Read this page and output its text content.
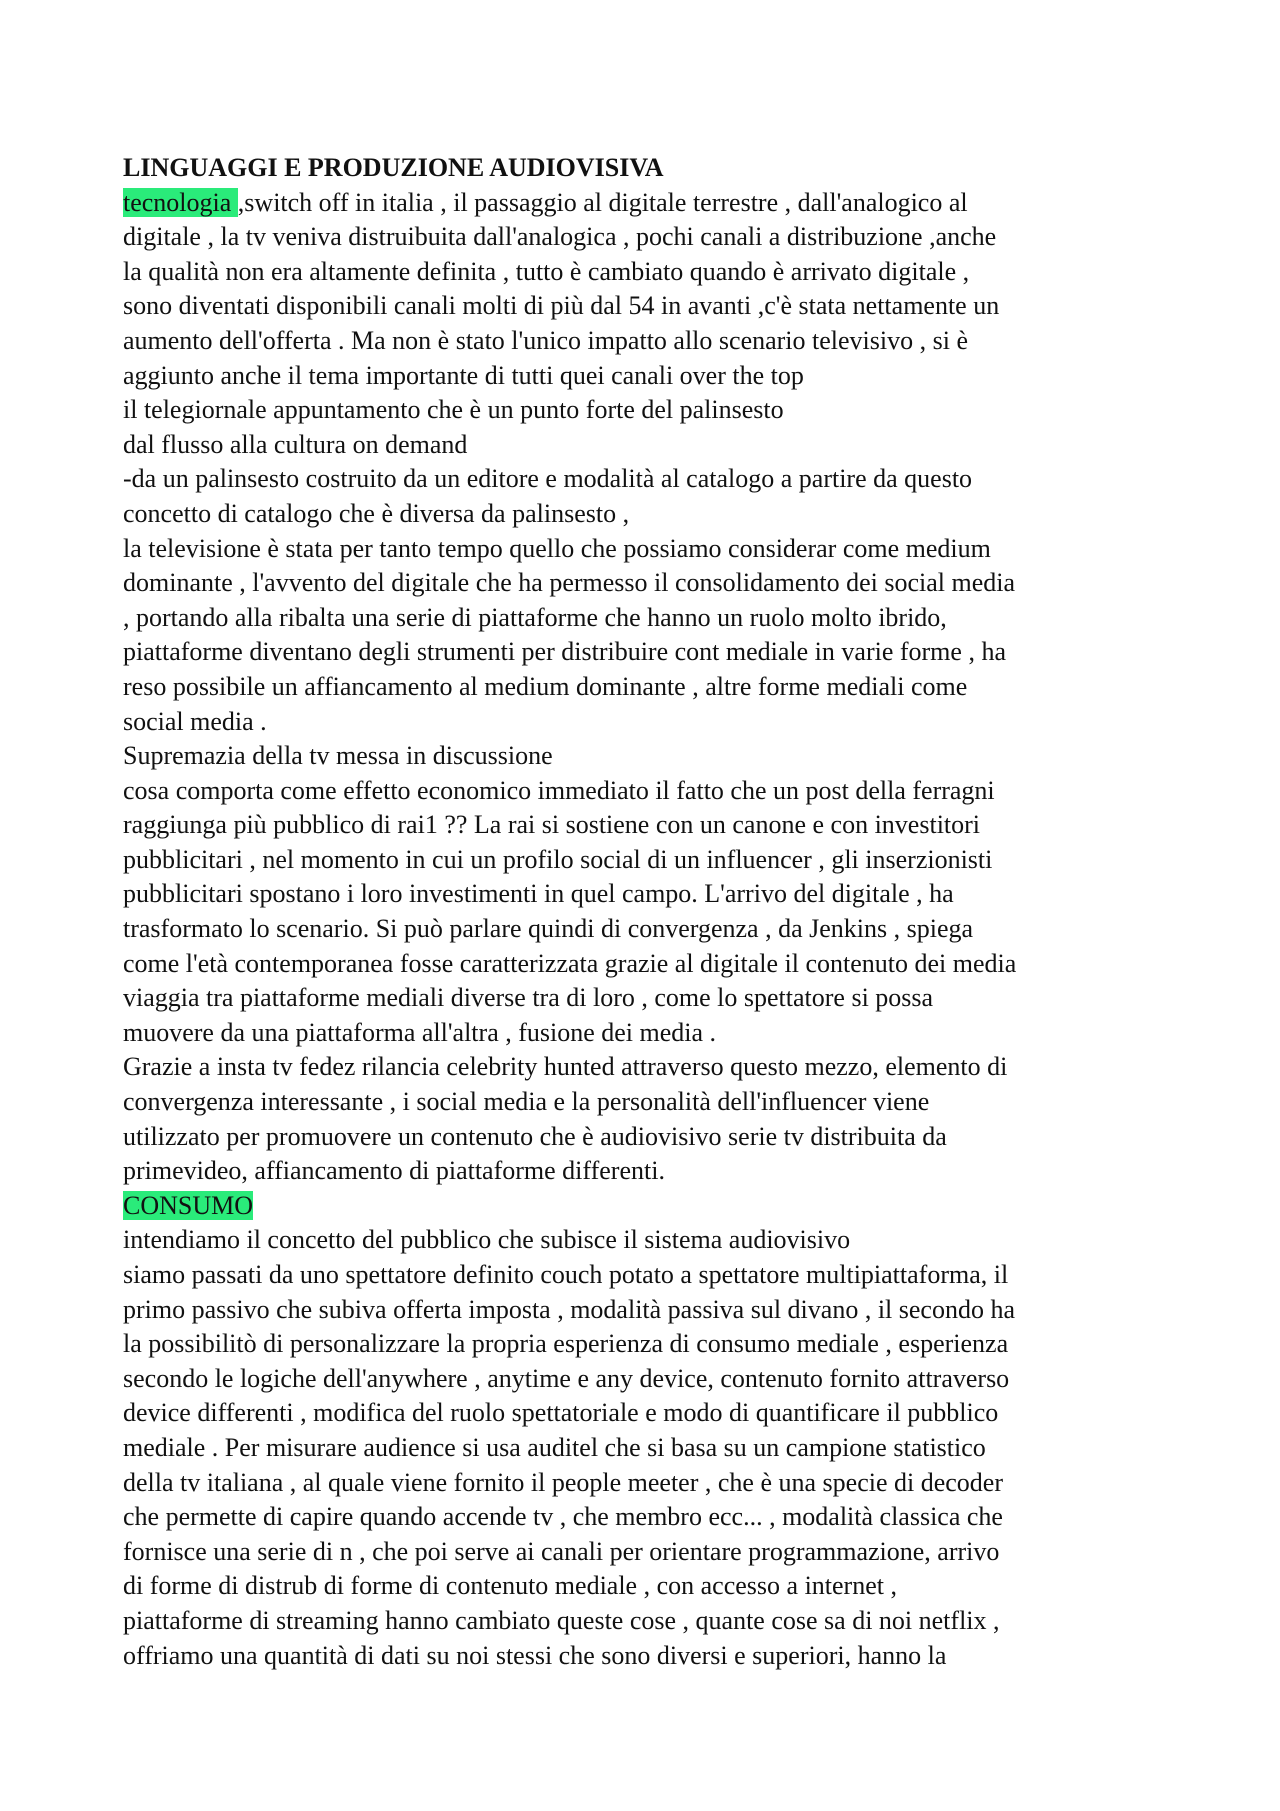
LINGUAGGI E PRODUZIONE AUDIOVISIVA

tecnologia ,switch off in italia , il passaggio al digitale terrestre , dall'analogico al

digitale , la tv veniva distruibuita dall'analogica , pochi canali a distribuzione ,anche

la qualità non era altamente definita , tutto è cambiato quando è arrivato digitale ,

sono diventati disponibili canali molti di più dal 54 in avanti ,c'è stata nettamente un

aumento dell'offerta . Ma non è stato l'unico impatto allo scenario televisivo , si è

aggiunto anche il tema importante di tutti quei canali over the top

il telegiornale appuntamento che è un punto forte del palinsesto

dal flusso alla cultura on demand

-da un palinsesto costruito da un editore e modalità al catalogo a partire da questo

concetto di catalogo che è diversa da palinsesto ,

la televisione è stata per tanto tempo quello che possiamo considerar come medium

dominante , l'avvento del digitale che ha permesso il consolidamento dei social media

, portando alla ribalta una serie di piattaforme che hanno un ruolo molto ibrido,

piattaforme diventano degli strumenti per distribuire cont mediale in varie forme , ha

reso possibile un affiancamento al medium dominante , altre forme mediali come

social media .

Supremazia della tv messa in discussione

cosa comporta come effetto economico immediato il fatto che un post della ferragni

raggiunga più pubblico di rai1 ?? La rai si sostiene con un canone e con investitori

pubblicitari , nel momento in cui un profilo social di un influencer , gli inserzionisti

pubblicitari spostano i loro investimenti in quel campo. L'arrivo del digitale , ha

trasformato lo scenario. Si può parlare quindi di convergenza , da Jenkins , spiega

come l'età contemporanea fosse caratterizzata grazie al digitale il contenuto dei media

viaggia tra piattaforme mediali diverse tra di loro , come lo spettatore si possa

muovere da una piattaforma all'altra , fusione dei media .

Grazie a insta tv fedez rilancia celebrity hunted attraverso questo mezzo, elemento di

convergenza interessante , i social media e la personalità dell'influencer viene

utilizzato per promuovere un contenuto che è audiovisivo serie tv distribuita da

primevideo, affiancamento di piattaforme differenti.

CONSUMO

intendiamo il concetto del pubblico che subisce il sistema audiovisivo

siamo passati da uno spettatore definito couch potato a spettatore multipiattaforma, il

primo passivo che subiva offerta imposta , modalità passiva sul divano , il secondo ha

la possibilitò di personalizzare la propria esperienza di consumo mediale , esperienza

secondo le logiche dell'anywhere , anytime e any device, contenuto fornito attraverso

device differenti , modifica del ruolo spettatoriale e modo di quantificare il pubblico

mediale . Per misurare audience si usa auditel che si basa su un campione statistico

della tv italiana , al quale viene fornito il people meeter , che è una specie di decoder

che permette di capire quando accende tv , che membro ecc... , modalità classica che

fornisce una serie di n , che poi serve ai canali per orientare programmazione, arrivo

di forme di distrub di forme di contenuto mediale , con accesso a internet ,

piattaforme di streaming hanno cambiato queste cose , quante cose sa di noi netflix ,

offriamo una quantità di dati su noi stessi che sono diversi e superiori, hanno la
